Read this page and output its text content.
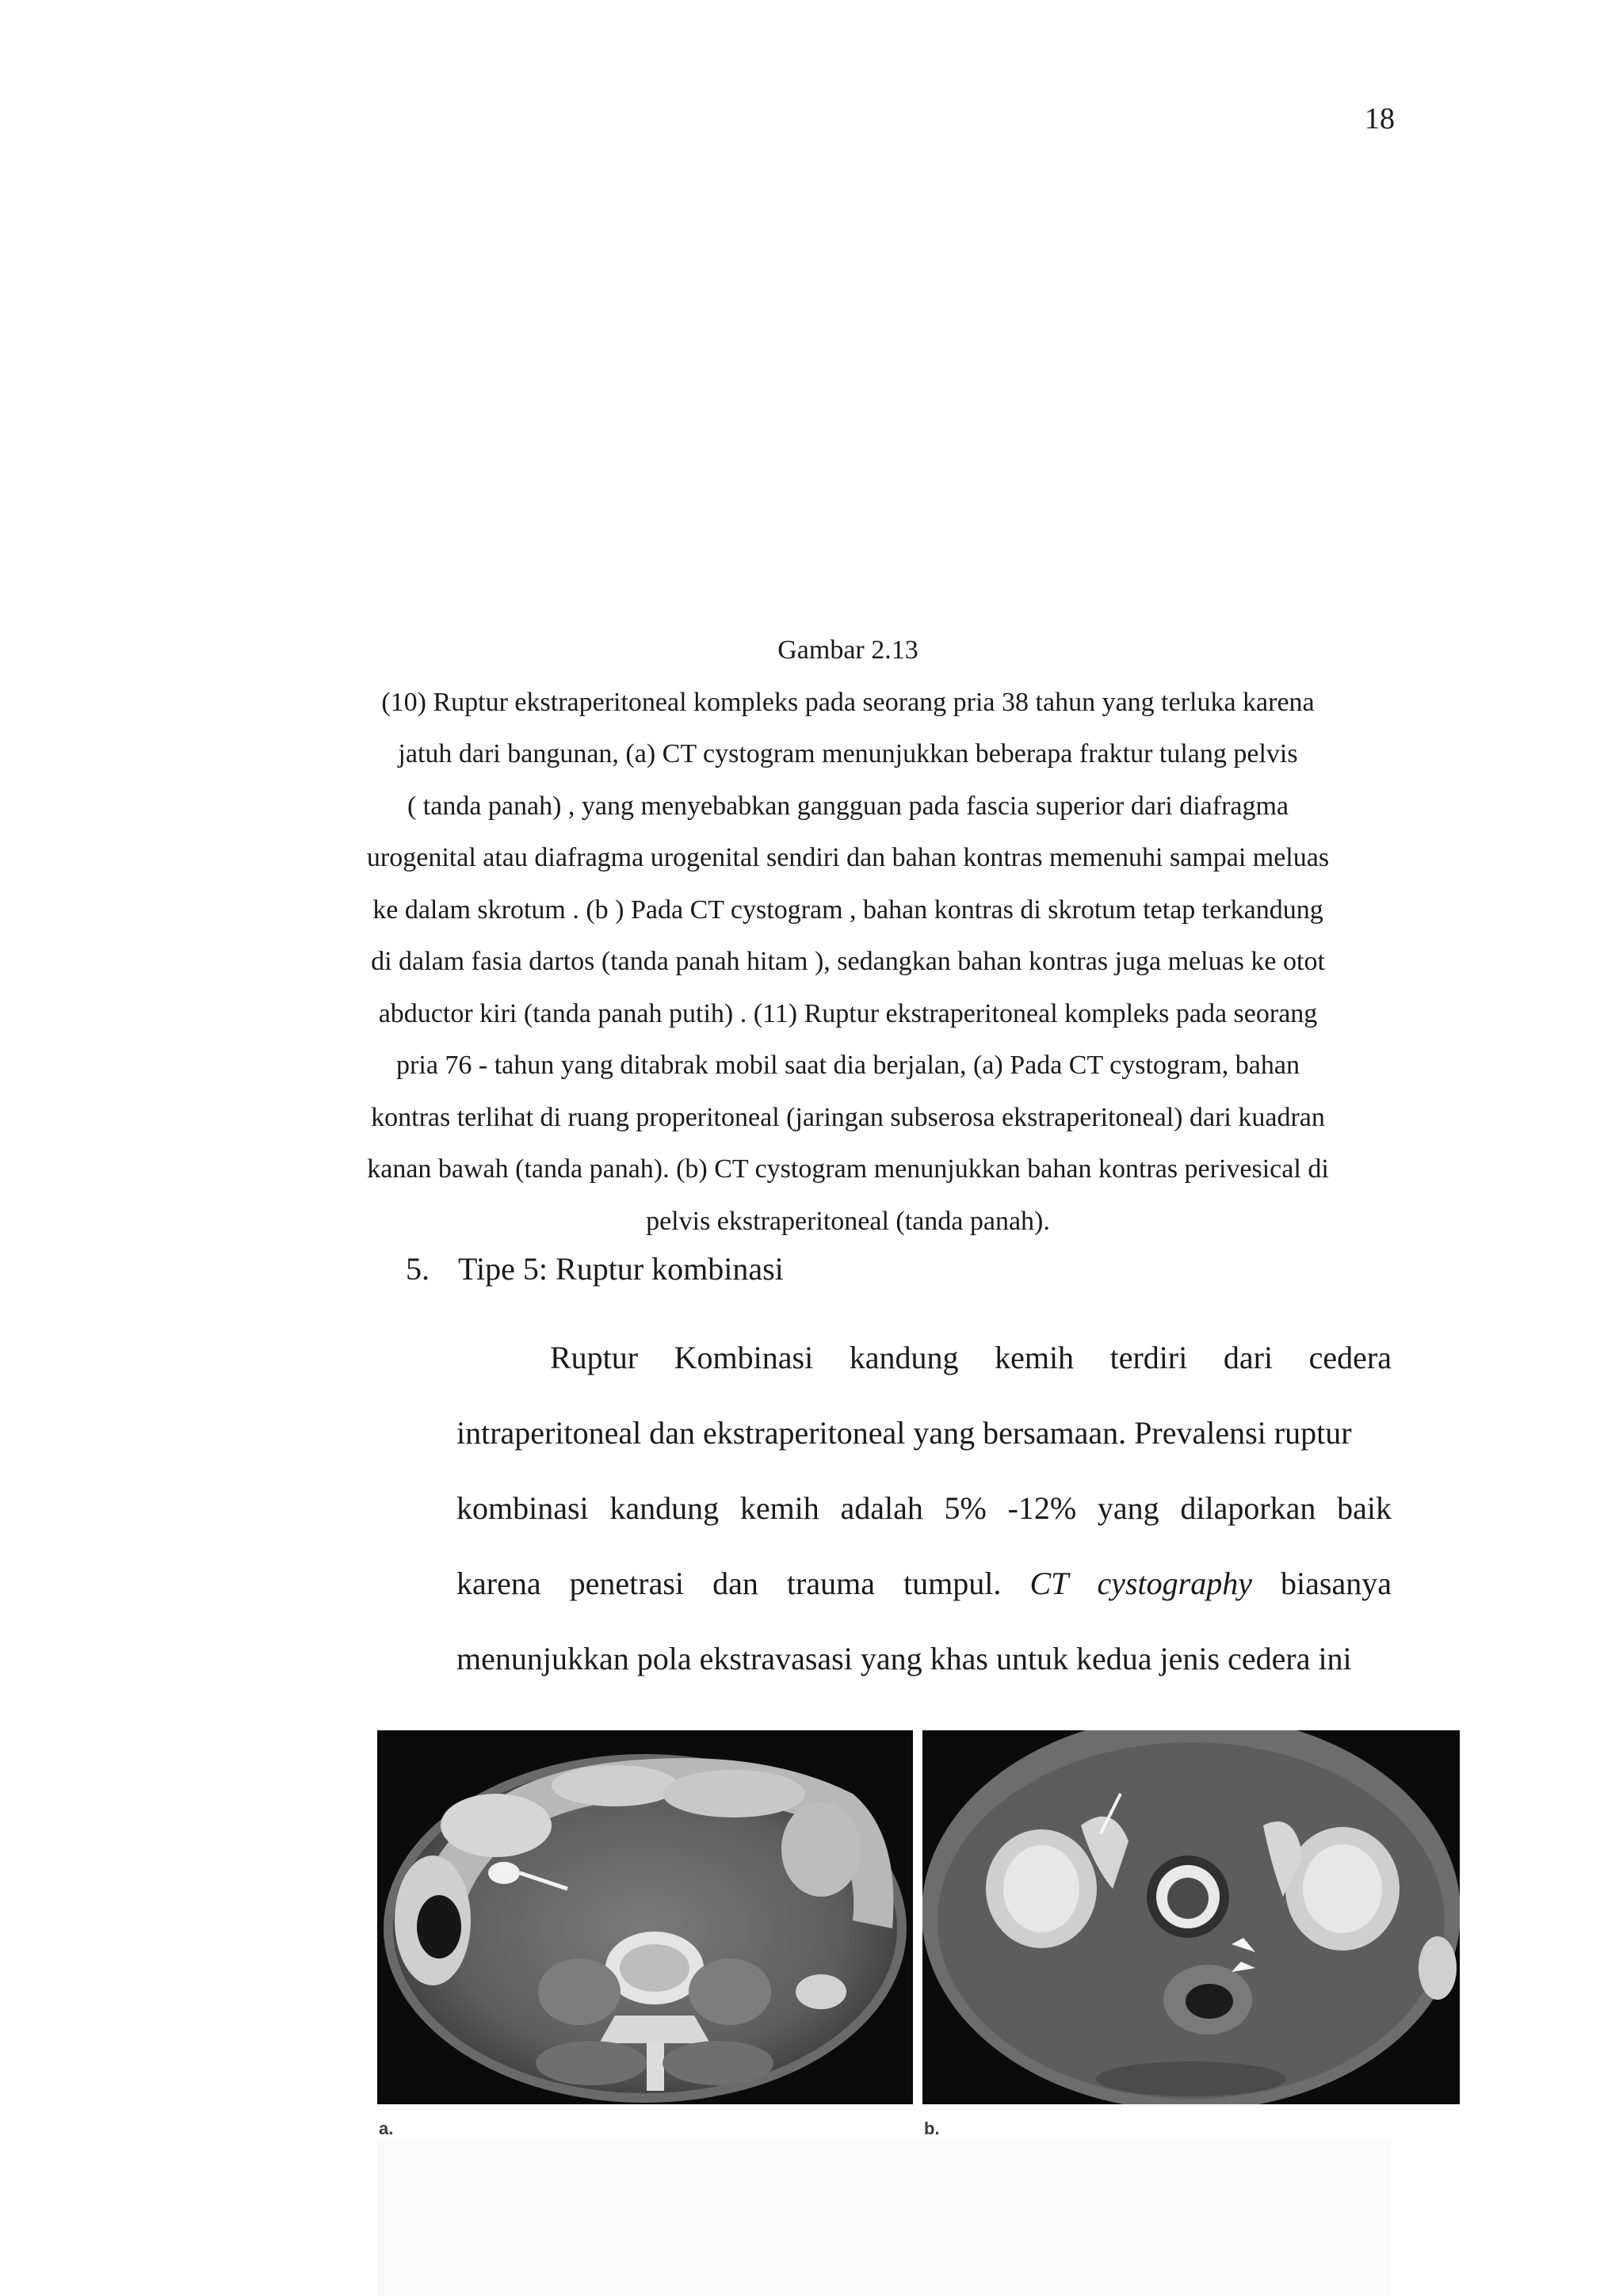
18

Gambar 2.13

(10) Ruptur ekstraperitoneal kompleks pada seorang pria 38 tahun yang terluka karena

jatuh dari bangunan, (a) CT cystogram menunjukkan beberapa fraktur tulang pelvis

( tanda panah) , yang menyebabkan gangguan pada fascia superior dari diafragma

urogenital atau diafragma urogenital sendiri dan bahan kontras memenuhi sampai meluas

ke dalam skrotum . (b ) Pada CT cystogram , bahan kontras di skrotum tetap terkandung

di dalam fasia dartos (tanda panah hitam ), sedangkan bahan kontras juga meluas ke otot

abductor kiri (tanda panah putih) . (11) Ruptur ekstraperitoneal kompleks pada seorang

pria 76 - tahun yang ditabrak mobil saat dia berjalan, (a) Pada CT cystogram, bahan

kontras terlihat di ruang properitoneal (jaringan subserosa ekstraperitoneal) dari kuadran

kanan bawah (tanda panah). (b) CT cystogram menunjukkan bahan kontras perivesical di

pelvis ekstraperitoneal (tanda panah).

5. Tipe 5: Ruptur kombinasi
Ruptur Kombinasi kandung kemih terdiri dari cedera
intraperitoneal dan ekstraperitoneal yang bersamaan. Prevalensi ruptur
kombinasi kandung kemih adalah 5% -12% yang dilaporkan baik
karena penetrasi dan trauma tumpul. CT cystography biasanya
menunjukkan pola ekstravasasi yang khas untuk kedua jenis cedera ini
a.	b.
